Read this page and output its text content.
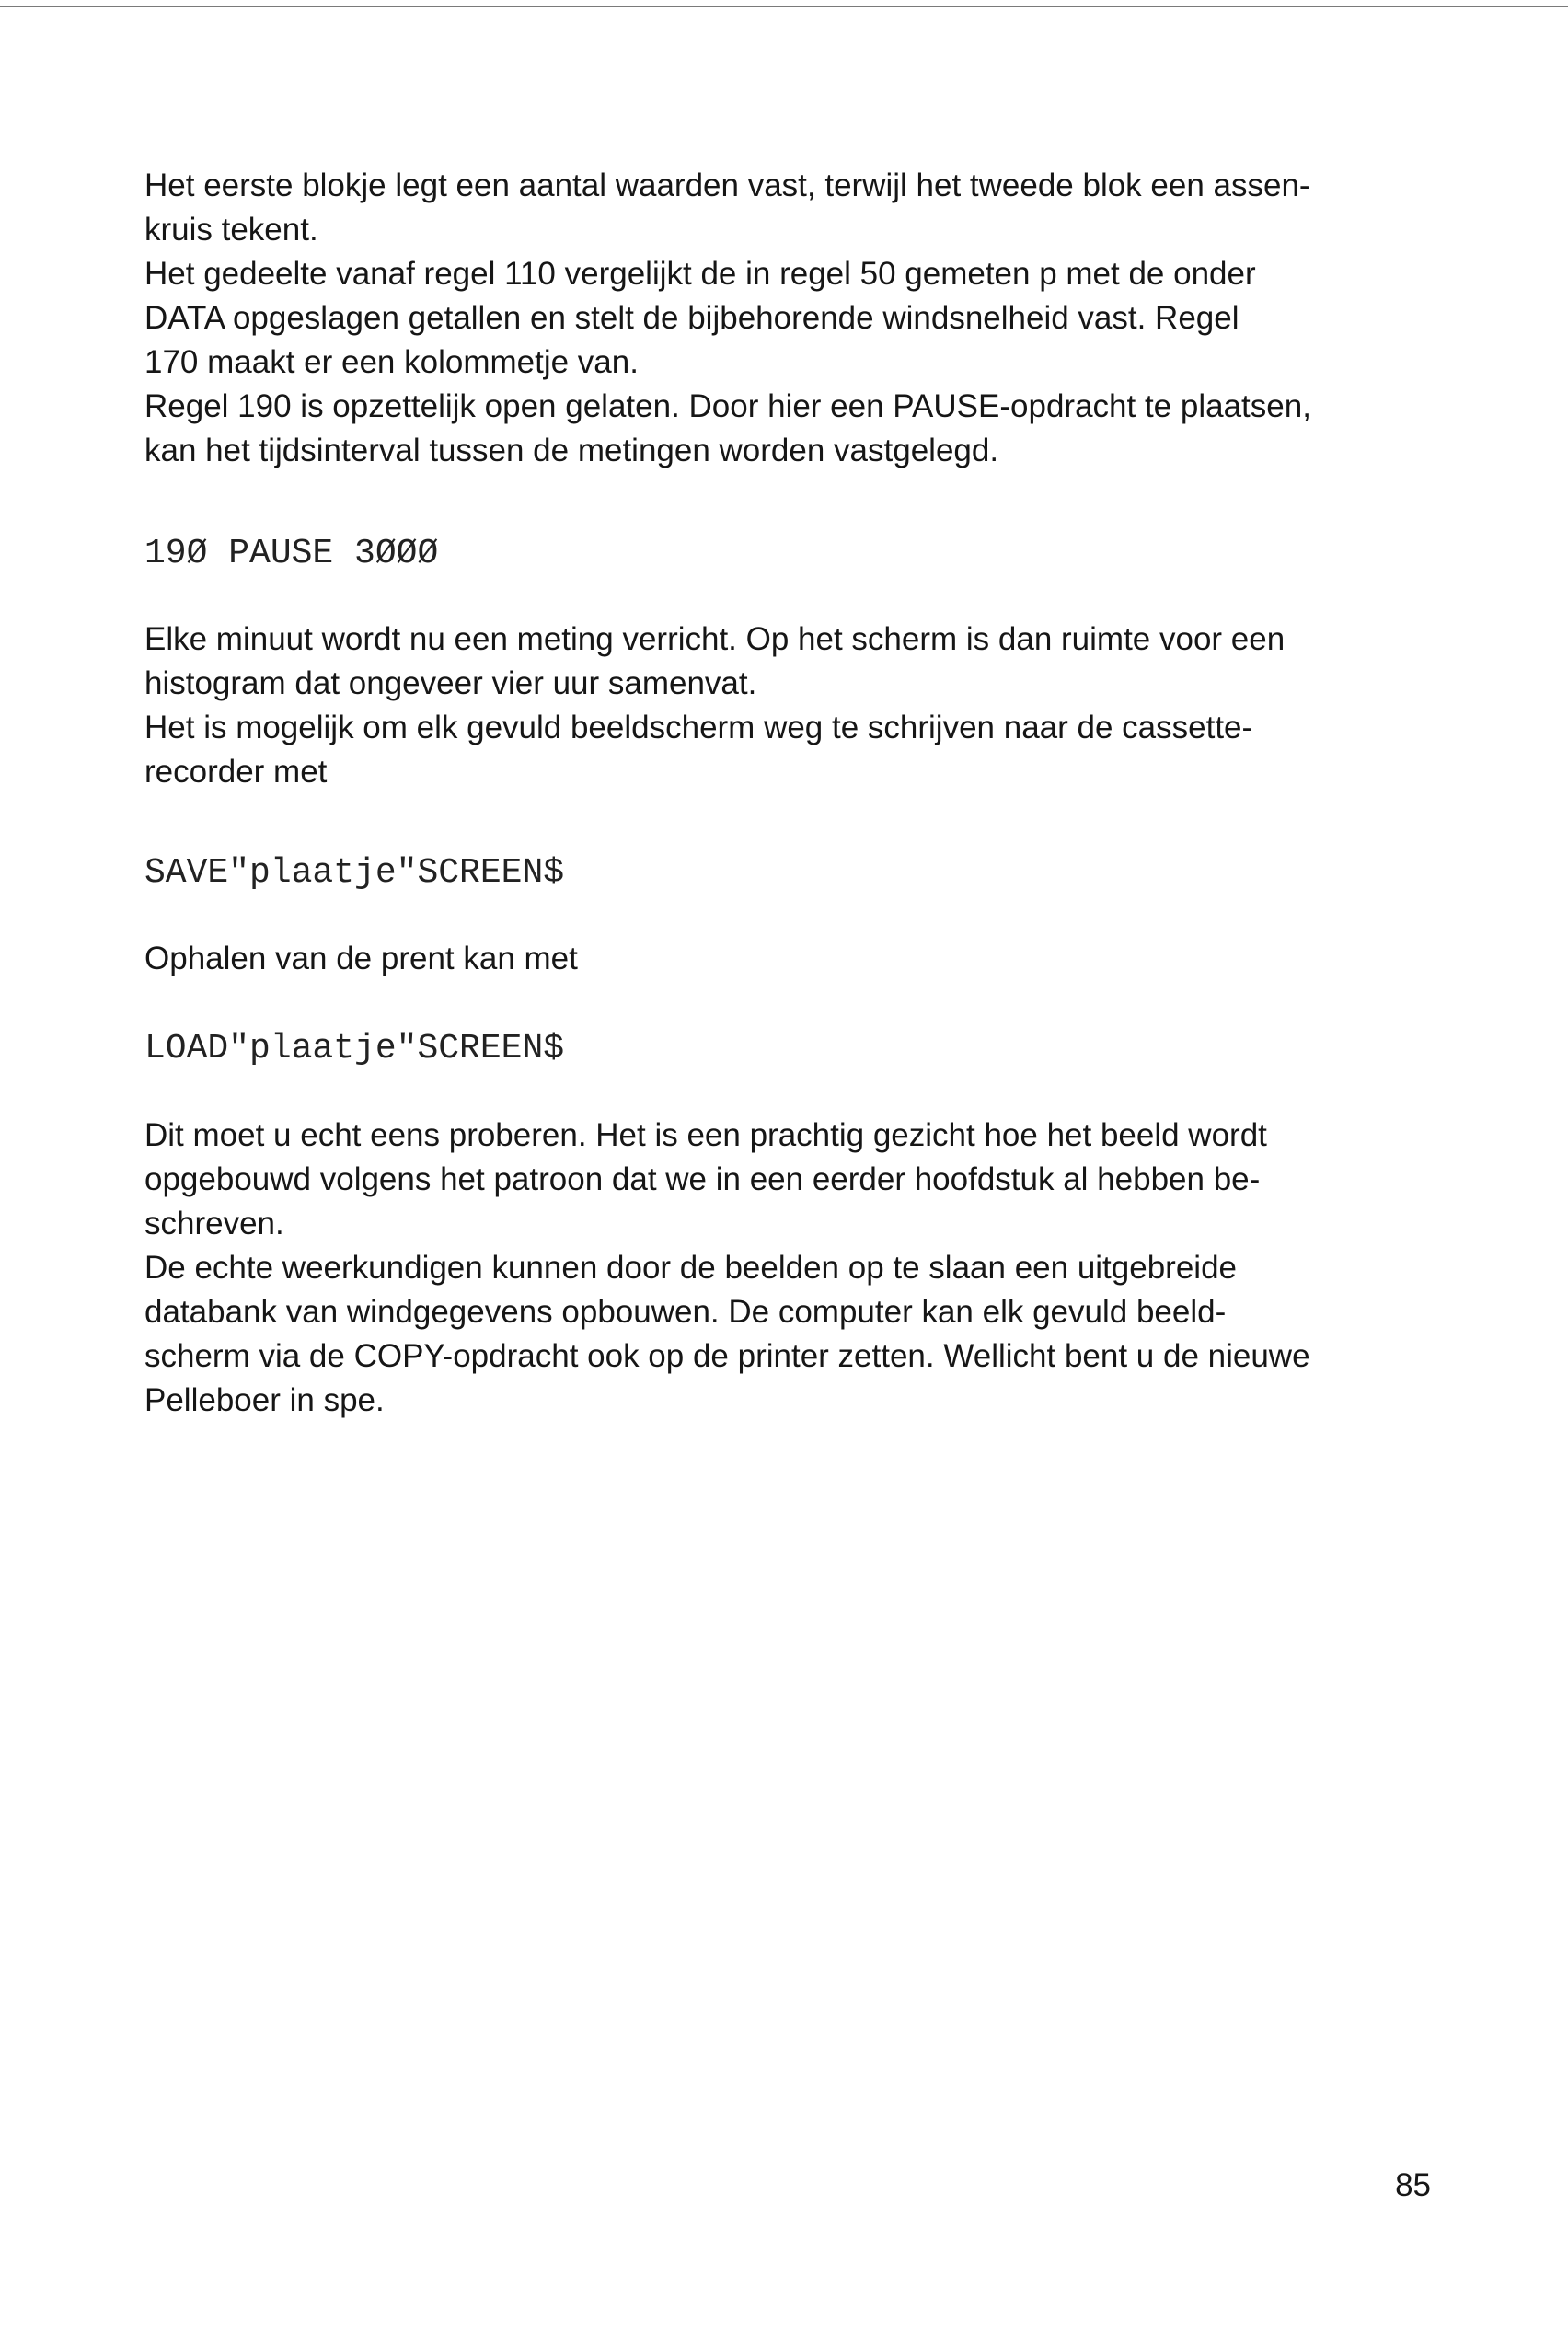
Het eerste blokje legt een aantal waarden vast, terwijl het tweede blok een assen-
kruis tekent.
Het gedeelte vanaf regel 110 vergelijkt de in regel 50 gemeten p met de onder
DATA opgeslagen getallen en stelt de bijbehorende windsnelheid vast. Regel
170 maakt er een kolommetje van.
Regel 190 is opzettelijk open gelaten. Door hier een PAUSE-opdracht te plaatsen,
kan het tijdsinterval tussen de metingen worden vastgelegd.
19Ø PAUSE 3ØØØ
Elke minuut wordt nu een meting verricht. Op het scherm is dan ruimte voor een
histogram dat ongeveer vier uur samenvat.
Het is mogelijk om elk gevuld beeldscherm weg te schrijven naar de cassette-
recorder met
SAVE"plaatje"SCREEN$
Ophalen van de prent kan met
LOAD"plaatje"SCREEN$
Dit moet u echt eens proberen. Het is een prachtig gezicht hoe het beeld wordt
opgebouwd volgens het patroon dat we in een eerder hoofdstuk al hebben be-
schreven.
De echte weerkundigen kunnen door de beelden op te slaan een uitgebreide
databank van windgegevens opbouwen. De computer kan elk gevuld beeld-
scherm via de COPY-opdracht ook op de printer zetten. Wellicht bent u de nieuwe
Pelleboer in spe.
85
